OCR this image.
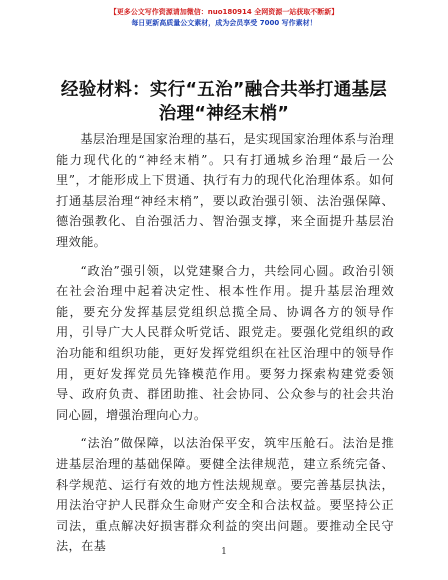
【更多公文写作资源请加微信：nuo180914 全网资源一站获取不断新】
每日更新高质量公文素材，成为会员享受 7000 写作素材！
经验材料：实行“五治”融合共举打通基层治理“神经末梢”

基层治理是国家治理的基石，是实现国家治理体系与治理能力现代化的“神经末梢”。只有打通城乡治理“最后一公里”，才能形成上下贯通、执行有力的现代化治理体系。如何打通基层治理“神经末梢”，要以政治强引领、法治强保障、德治强教化、自治强活力、智治强支撑，来全面提升基层治理效能。

“政治”强引领，以党建聚合力，共绘同心圆。政治引领在社会治理中起着决定性、根本性作用。提升基层治理效能，要充分发挥基层党组织总揽全局、协调各方的领导作用，引导广大人民群众听党话、跟党走。要强化党组织的政治功能和组织功能，更好发挥党组织在社区治理中的领导作用，更好发挥党员先锋模范作用。要努力探索构建党委领导、政府负责、群团助推、社会协同、公众参与的社会共治同心圆，增强治理向心力。

“法治”做保障，以法治保平安，筑牢压舱石。法治是推进基层治理的基础保障。要健全法律规范，建立系统完备、科学规范、运行有效的地方性法规规章。要完善基层执法，用法治守护人民群众生命财产安全和合法权益。要坚持公正司法，重点解决好损害群众利益的突出问题。要推动全民守法，在基	1
